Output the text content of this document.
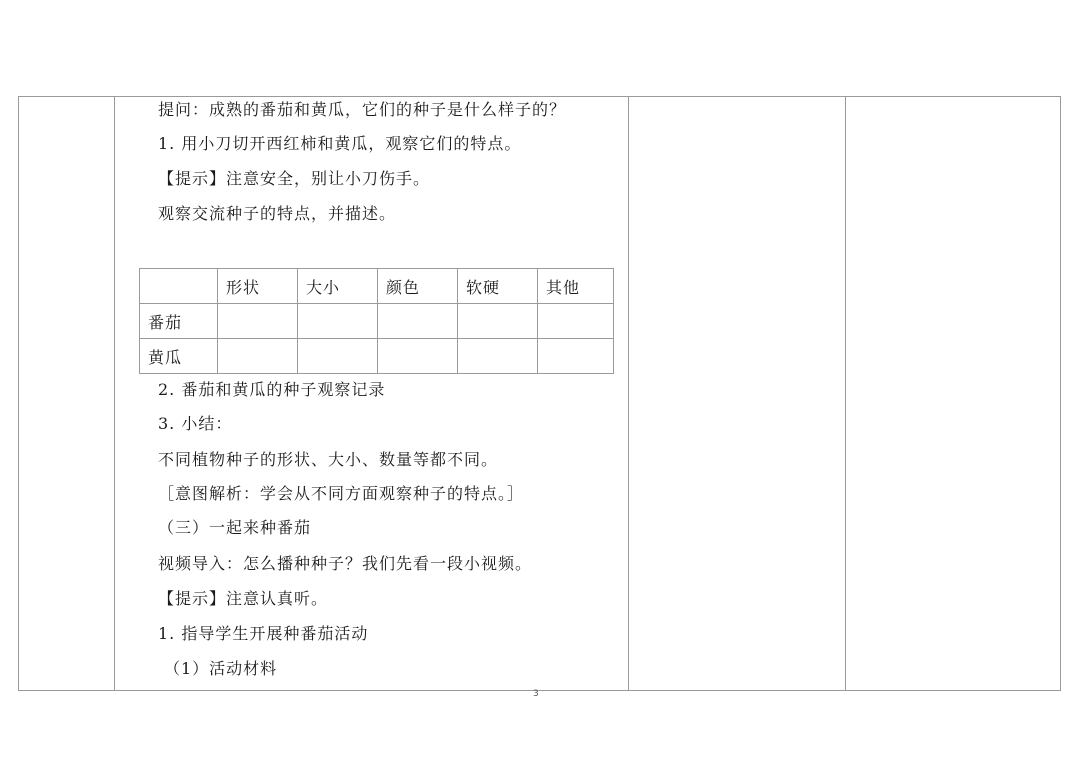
提问：成熟的番茄和黄瓜，它们的种子是什么样子的？
1. 用小刀切开西红柿和黄瓜，观察它们的特点。
【提示】注意安全，别让小刀伤手。
观察交流种子的特点，并描述。
2. 番茄和黄瓜的种子观察记录
3. 小结：
不同植物种子的形状、大小、数量等都不同。
［意图解析：学会从不同方面观察种子的特点。］
（三）一起来种番茄
视频导入：怎么播种种子？我们先看一段小视频。
【提示】注意认真听。
1. 指导学生开展种番茄活动
（1）活动材料
	形状	大小	颜色	软硬	其他
番茄					
黄瓜					
3
